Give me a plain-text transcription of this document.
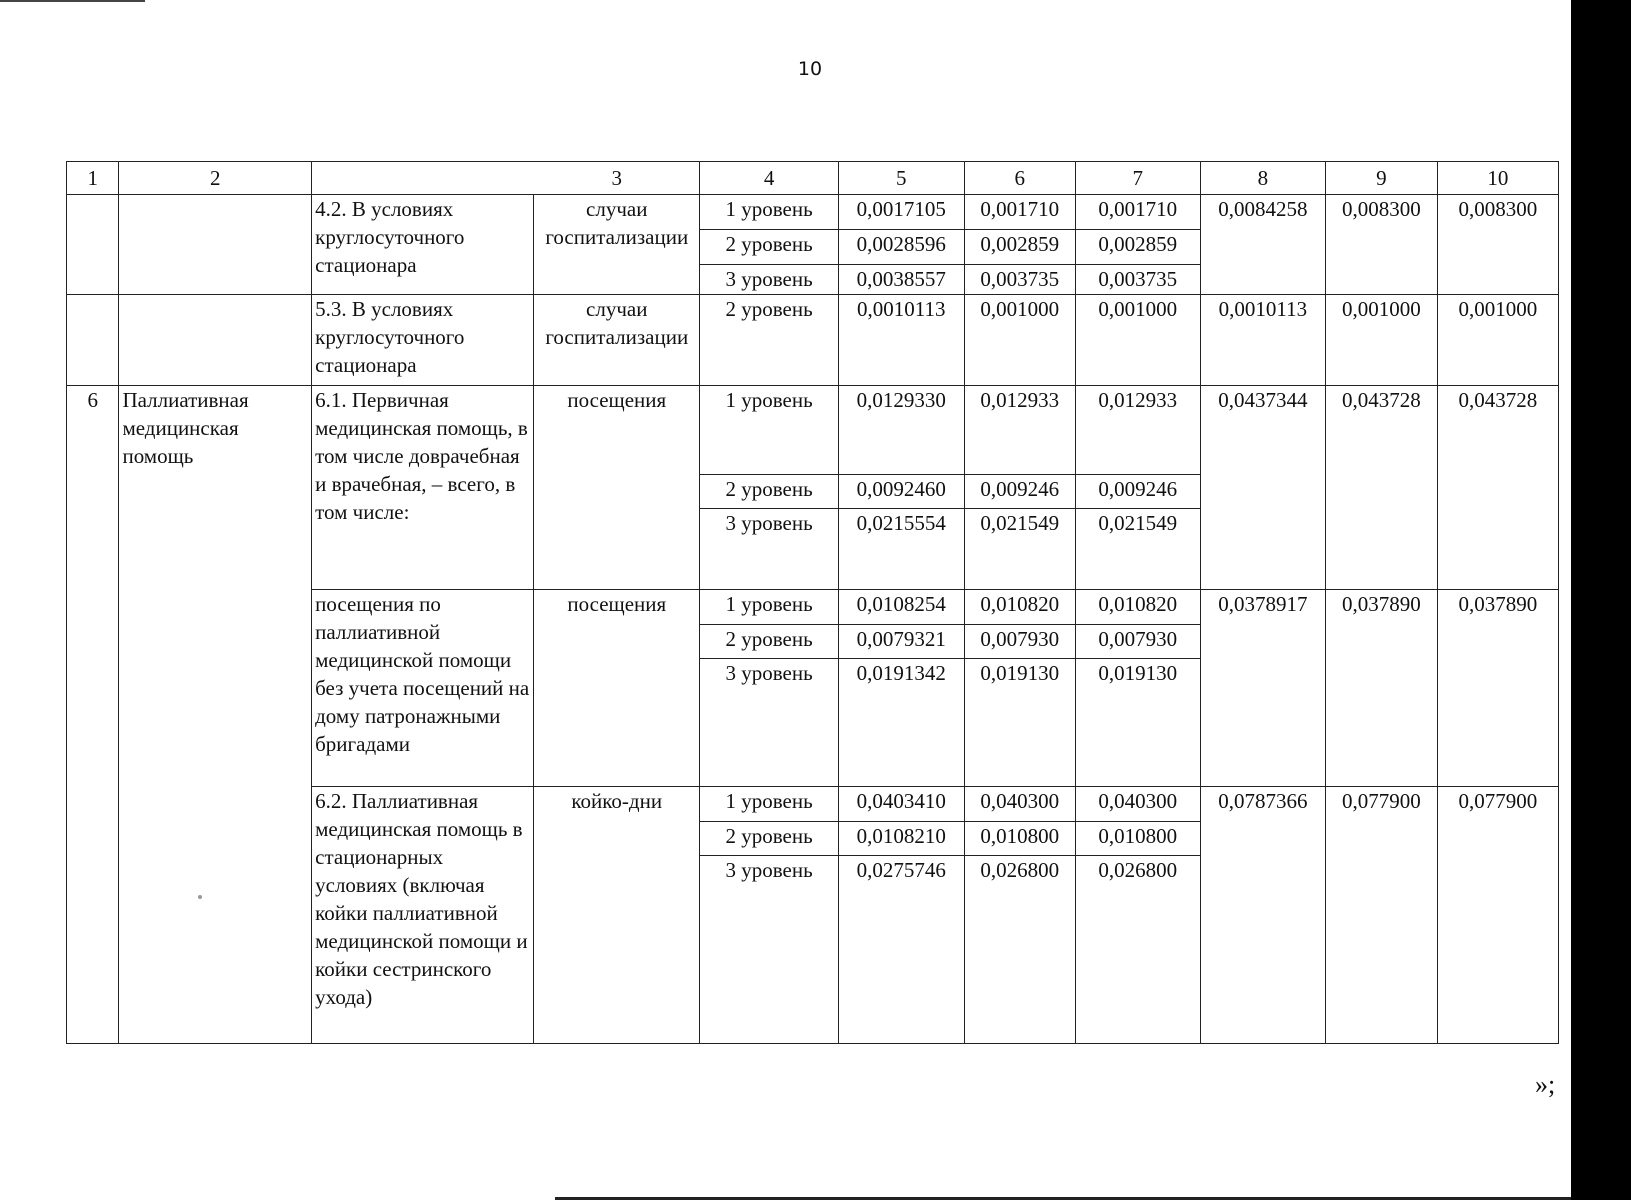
10
1	2		3	4	5	6	7	8	9	10
		4.2. В условиях круглосуточного стационара	случаи госпитализации	1 уровень	0,0017105	0,001710	0,001710	0,0084258	0,008300	0,008300
				2 уровень	0,0028596	0,002859	0,002859			
				3 уровень	0,0038557	0,003735	0,003735			
		5.3. В условиях круглосуточного стационара	случаи госпитализации	2 уровень	0,0010113	0,001000	0,001000	0,0010113	0,001000	0,001000
6	Паллиативная медицинская помощь	6.1. Первичная медицинская помощь, в том числе доврачебная и врачебная, – всего, в том числе:	посещения	1 уровень	0,0129330	0,012933	0,012933	0,0437344	0,043728	0,043728
				2 уровень	0,0092460	0,009246	0,009246			
				3 уровень	0,0215554	0,021549	0,021549			
		посещения по паллиативной медицинской помощи без учета посещений на дому патронажными бригадами	посещения	1 уровень	0,0108254	0,010820	0,010820	0,0378917	0,037890	0,037890
				2 уровень	0,0079321	0,007930	0,007930			
				3 уровень	0,0191342	0,019130	0,019130			
		6.2. Паллиативная медицинская помощь в стационарных условиях (включая койки паллиативной медицинской помощи и койки сестринского ухода)	койко-дни	1 уровень	0,0403410	0,040300	0,040300	0,0787366	0,077900	0,077900
				2 уровень	0,0108210	0,010800	0,010800			
				3 уровень	0,0275746	0,026800	0,026800			
»;
